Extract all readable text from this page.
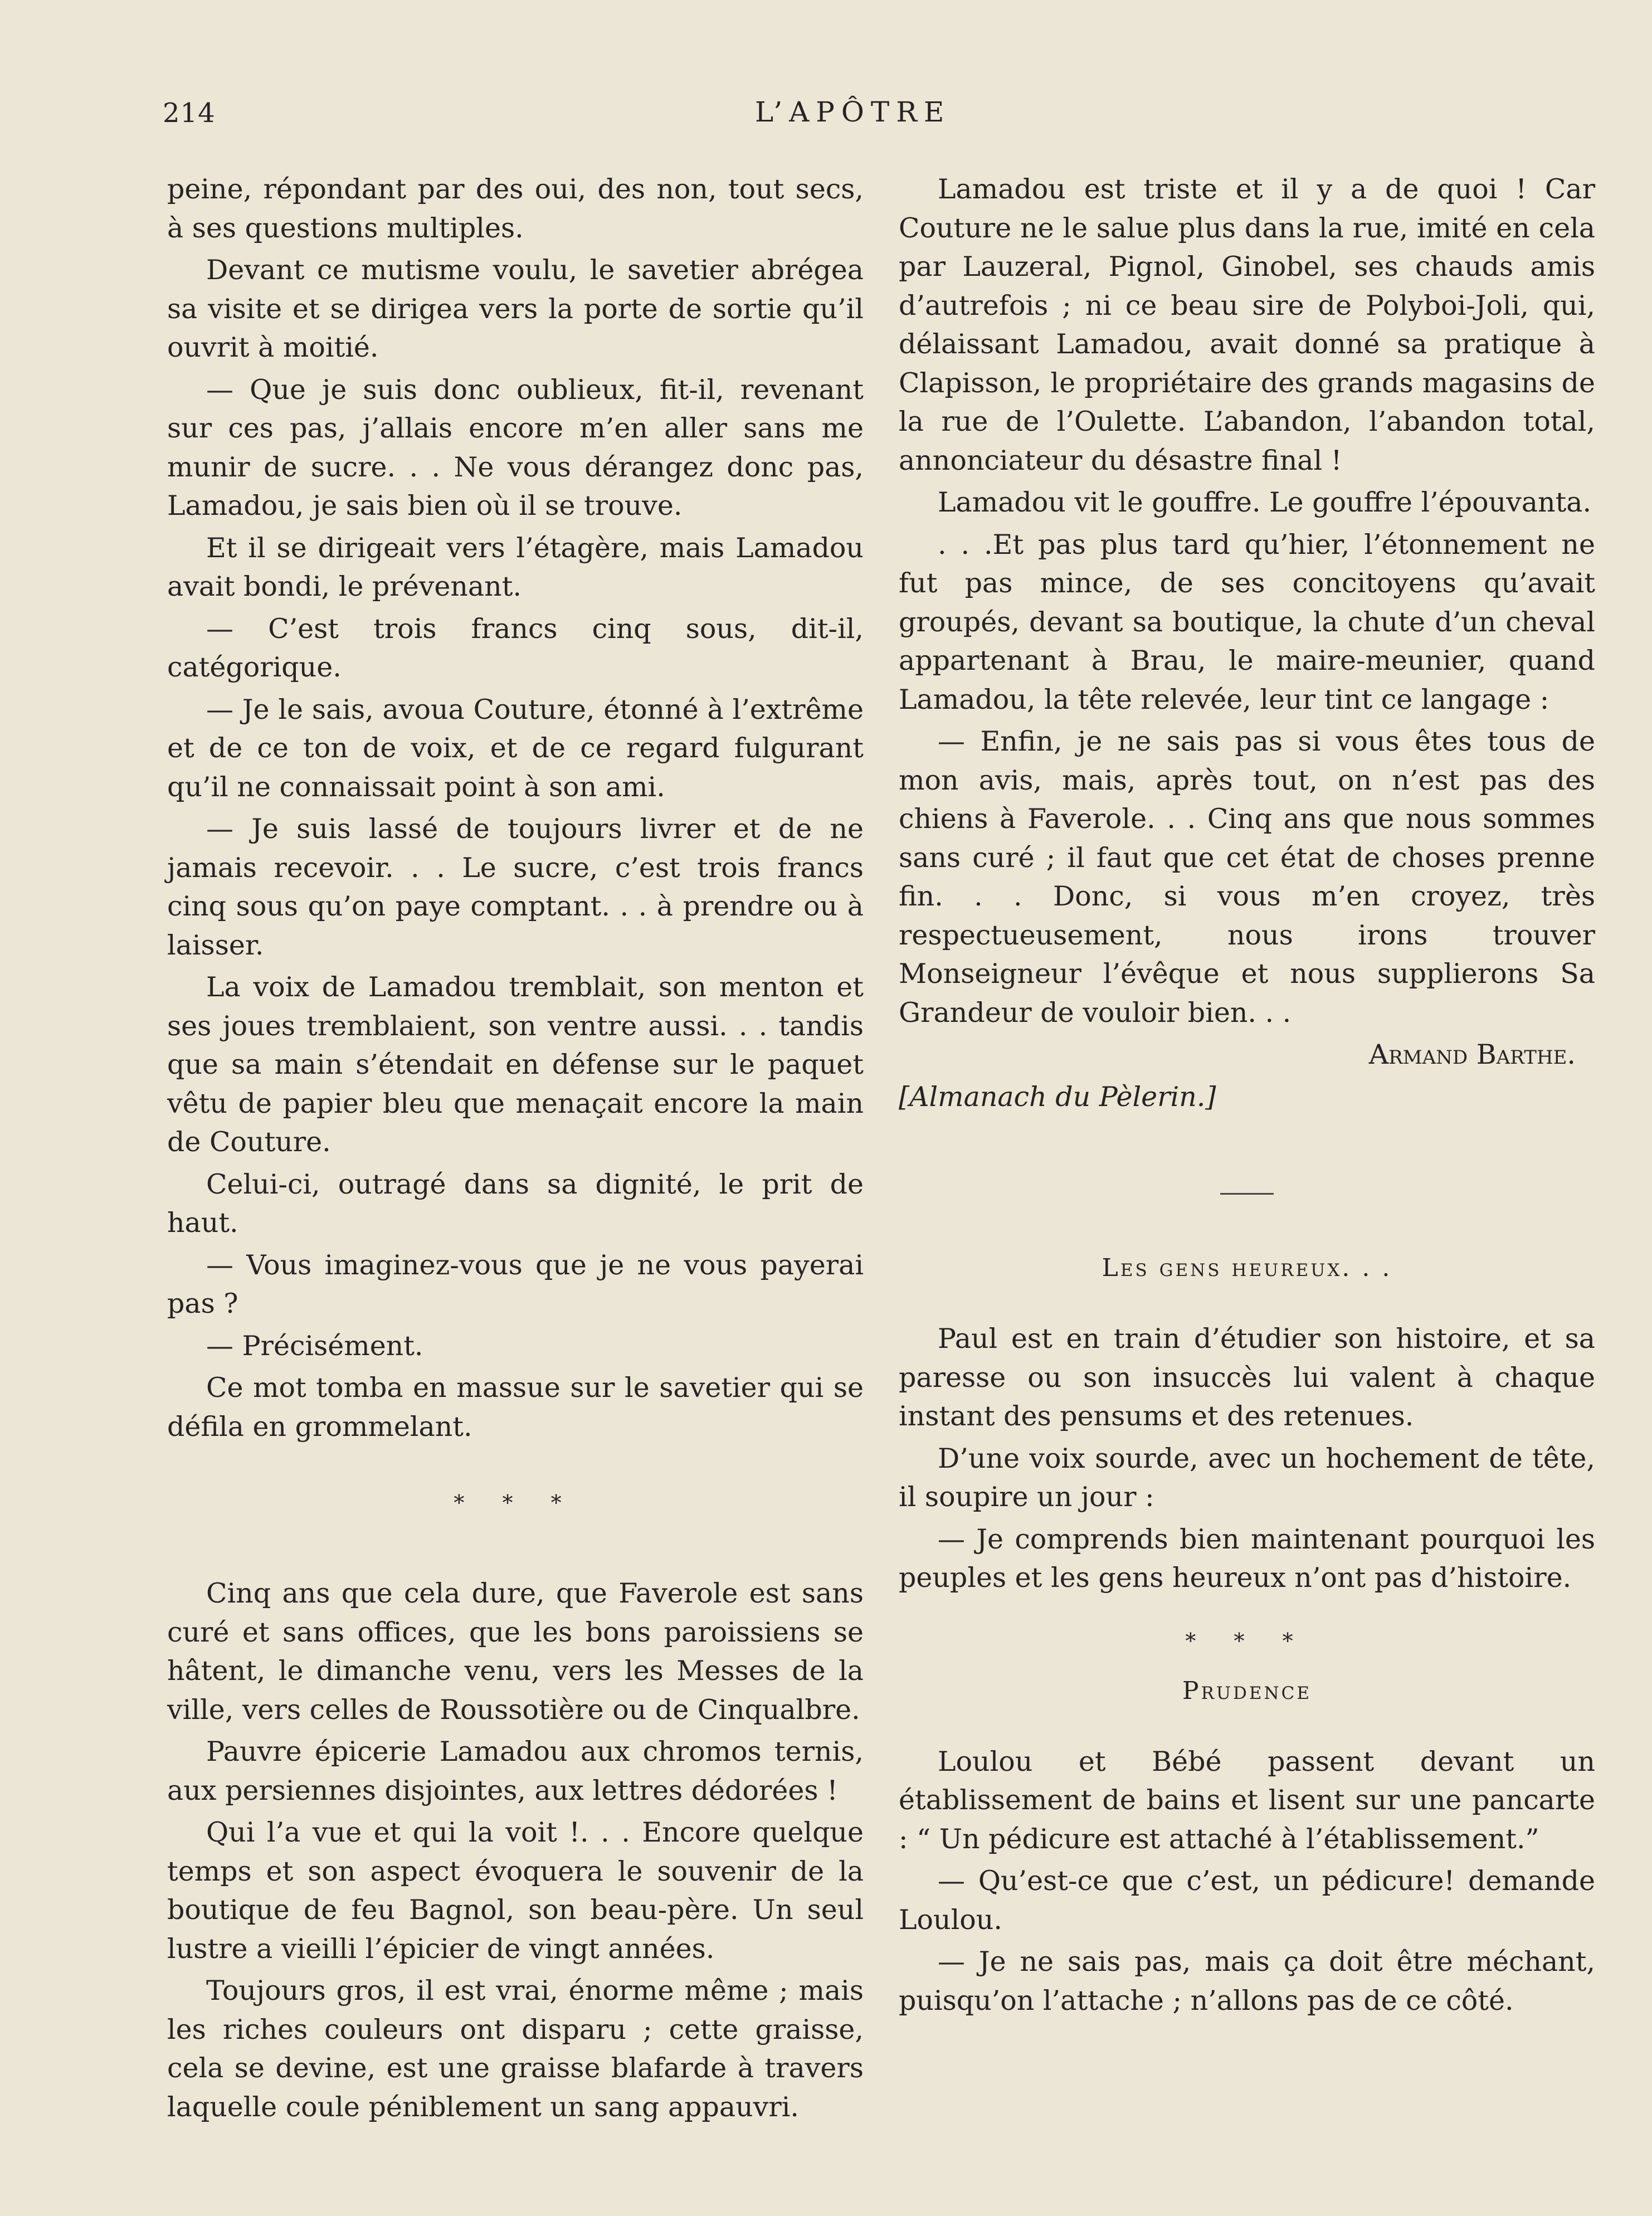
214	L’APÔTRE

peine, répondant par des oui, des non, tout secs, à ses questions multiples.

Devant ce mutisme voulu, le savetier abrégea sa visite et se dirigea vers la porte de sortie qu’il ouvrit à moitié.

— Que je suis donc oublieux, fit-il, revenant sur ces pas, j’allais encore m’en aller sans me munir de sucre. . . Ne vous dérangez donc pas, Lamadou, je sais bien où il se trouve.

Et il se dirigeait vers l’étagère, mais Lamadou avait bondi, le prévenant.

— C’est trois francs cinq sous, dit-il, catégorique.

— Je le sais, avoua Couture, étonné à l’extrême et de ce ton de voix, et de ce regard fulgurant qu’il ne connaissait point à son ami.

— Je suis lassé de toujours livrer et de ne jamais recevoir. . . Le sucre, c’est trois francs cinq sous qu’on paye comptant. . . à prendre ou à laisser.

La voix de Lamadou tremblait, son menton et ses joues tremblaient, son ventre aussi. . . tandis que sa main s’étendait en défense sur le paquet vêtu de papier bleu que menaçait encore la main de Couture.

Celui-ci, outragé dans sa dignité, le prit de haut.

— Vous imaginez-vous que je ne vous payerai pas ?

— Précisément.

Ce mot tomba en massue sur le savetier qui se défila en grommelant.

* * *

Cinq ans que cela dure, que Faverole est sans curé et sans offices, que les bons paroissiens se hâtent, le dimanche venu, vers les Messes de la ville, vers celles de Roussotière ou de Cinqualbre.

Pauvre épicerie Lamadou aux chromos ternis, aux persiennes disjointes, aux lettres dédorées !

Qui l’a vue et qui la voit !. . . Encore quelque temps et son aspect évoquera le souvenir de la boutique de feu Bagnol, son beau-père. Un seul lustre a vieilli l’épicier de vingt années.

Toujours gros, il est vrai, énorme même ; mais les riches couleurs ont disparu ; cette graisse, cela se devine, est une graisse blafarde à travers laquelle coule péniblement un sang appauvri.

Lamadou est triste et il y a de quoi ! Car Couture ne le salue plus dans la rue, imité en cela par Lauzeral, Pignol, Ginobel, ses chauds amis d’autrefois ; ni ce beau sire de Polyboi-Joli, qui, délaissant Lamadou, avait donné sa pratique à Clapisson, le propriétaire des grands magasins de la rue de l’Oulette. L’abandon, l’abandon total, annonciateur du désastre final !

Lamadou vit le gouffre. Le gouffre l’épouvanta.

. . .Et pas plus tard qu’hier, l’étonnement ne fut pas mince, de ses concitoyens qu’avait groupés, devant sa boutique, la chute d’un cheval appartenant à Brau, le maire-meunier, quand Lamadou, la tête relevée, leur tint ce langage :

— Enfin, je ne sais pas si vous êtes tous de mon avis, mais, après tout, on n’est pas des chiens à Faverole. . . Cinq ans que nous sommes sans curé ; il faut que cet état de choses prenne fin. . . Donc, si vous m’en croyez, très respectueusement, nous irons trouver Monseigneur l’évêque et nous supplierons Sa Grandeur de vouloir bien. . .

Armand Barthe.

[Almanach du Pèlerin.]

Les gens heureux. . .

Paul est en train d’étudier son histoire, et sa paresse ou son insuccès lui valent à chaque instant des pensums et des retenues.

D’une voix sourde, avec un hochement de tête, il soupire un jour :

— Je comprends bien maintenant pourquoi les peuples et les gens heureux n’ont pas d’histoire.

* * *
Prudence

Loulou et Bébé passent devant un établissement de bains et lisent sur une pancarte : “ Un pédicure est attaché à l’établissement.”

— Qu’est-ce que c’est, un pédicure! demande Loulou.

— Je ne sais pas, mais ça doit être méchant, puisqu’on l’attache ; n’allons pas de ce côté.
